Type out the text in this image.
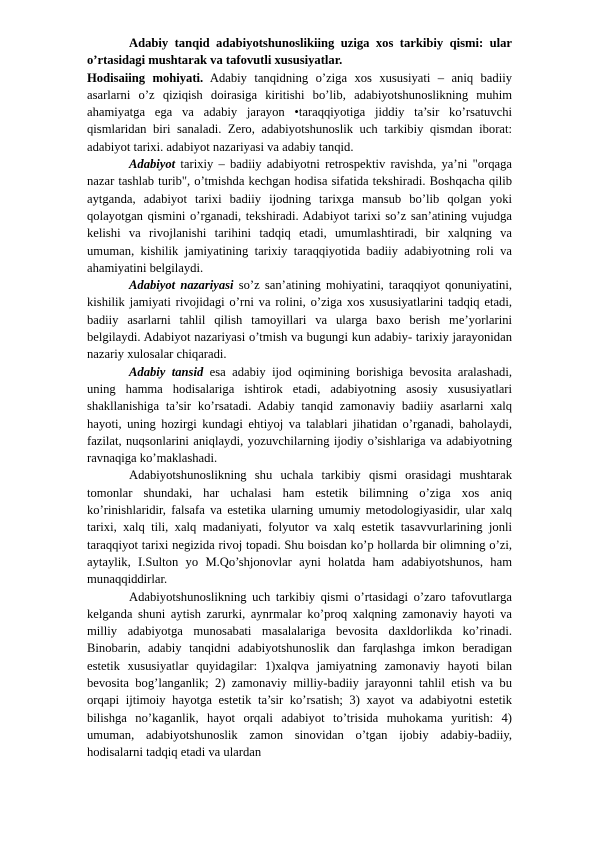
Adabiy tanqid adabiyotshunoslikiing uziga xos tarkibiy qismi: ular o’rtasidagi mushtarak va tafovutli xususiyatlar.

Hodisaiing mohiyati. Adabiy tanqidning o’ziga xos xususiyati – aniq badiiy asarlarni o’z qiziqish doirasiga kiritishi bo’lib, adabiyotshunoslikning muhim ahamiyatga ega va adabiy jarayon •taraqqiyotiga jiddiy ta’sir ko’rsatuvchi qismlaridan biri sanaladi. Zero, adabiyotshunoslik uch tarkibiy qismdan iborat: adabiyot tarixi. adabiyot nazariyasi va adabiy tanqid.

Adabiyot tarixiy – badiiy adabiyotni retrospektiv ravishda, ya’ni "orqaga nazar tashlab turib", o’tmishda kechgan hodisa sifatida tekshiradi. Boshqacha qilib aytganda, adabiyot tarixi badiiy ijodning tarixga mansub bo’lib qolgan yoki qolayotgan qismini o’rganadi, tekshiradi. Adabiyot tarixi so’z san’atining vujudga kelishi va rivojlanishi tarihini tadqiq etadi, umumlashtiradi, bir xalqning va umuman, kishilik jamiyatining tarixiy taraqqiyotida badiiy adabiyotning roli va ahamiyatini belgilaydi.

Adabiyot nazariyasi so’z san’atining mohiyatini, taraqqiyot qonuniyatini, kishilik jamiyati rivojidagi o’rni va rolini, o’ziga xos xususiyatlarini tadqiq etadi, badiiy asarlarni tahlil qilish tamoyillari va ularga baxo berish me’yorlarini belgilaydi. Adabiyot nazariyasi o’tmish va bugungi kun adabiy- tarixiy jarayonidan nazariy xulosalar chiqaradi.

Adabiy tansid esa adabiy ijod oqimining borishiga bevosita aralashadi, uning hamma hodisalariga ishtirok etadi, adabiyotning asosiy xususiyatlari shakllanishiga ta’sir ko’rsatadi. Adabiy tanqid zamonaviy badiiy asarlarni xalq hayoti, uning hozirgi kundagi ehtiyoj va talablari jihatidan o’rganadi, baholaydi, fazilat, nuqsonlarini aniqlaydi, yozuvchilarning ijodiy o’sishlariga va adabiyotning ravnaqiga ko’maklashadi.

Adabiyotshunoslikning shu uchala tarkibiy qismi orasidagi mushtarak tomonlar shundaki, har uchalasi ham estetik bilimning o’ziga xos aniq ko’rinishlaridir, falsafa va estetika ularning umumiy metodologiyasidir, ular xalq tarixi, xalq tili, xalq madaniyati, folyutor va xalq estetik tasavvurlarining jonli taraqqiyot tarixi negizida rivoj topadi. Shu boisdan ko’p hollarda bir olimning o’zi, aytaylik, I.Sulton yo M.Qo’shjonovlar ayni holatda ham adabiyotshunos, ham munaqqiddirlar.

Adabiyotshunoslikning uch tarkibiy qismi o’rtasidagi o’zaro tafovutlarga kelganda shuni aytish zarurki, aynrmalar ko’proq xalqning zamonaviy hayoti va milliy adabiyotga munosabati masalalariga bevosita daxldorlikda ko’rinadi. Binobarin, adabiy tanqidni adabiyotshunoslik dan farqlashga imkon beradigan estetik xususiyatlar quyidagilar: 1)xalqva jamiyatning zamonaviy hayoti bilan bevosita bog’langanlik; 2) zamonaviy milliy-badiiy jarayonni tahlil etish va bu orqapi ijtimoiy hayotga estetik ta’sir ko’rsatish; 3) xayot va adabiyotni estetik bilishga no’kaganlik, hayot orqali adabiyot to’trisida muhokama yuritish: 4) umuman, adabiyotshunoslik zamon sinovidan o’tgan ijobiy adabiy-badiiy, hodisalarni tadqiq etadi va ulardan
